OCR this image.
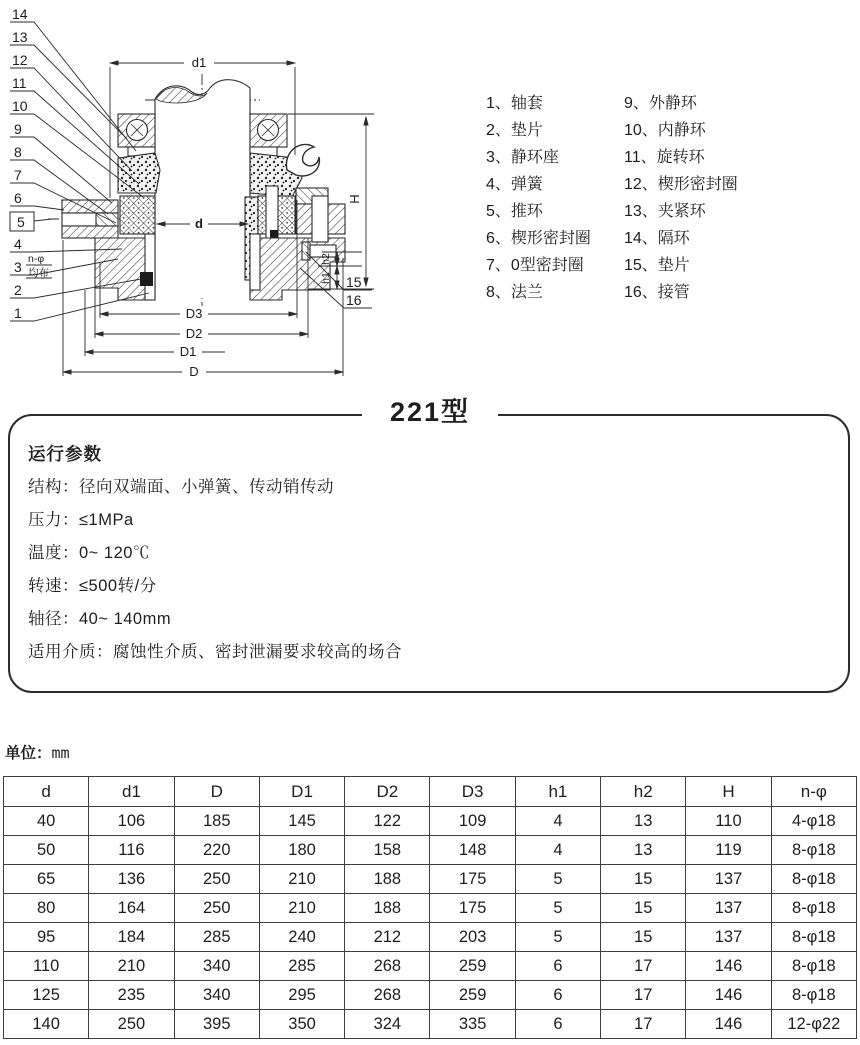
d1
d
D3
D2
D1
D
H
h2
h1
14
13
12
11
10
9
8
7
6
5
4
3
2
1
15
16
n-φ
均布
1、轴套
2、垫片
3、静环座
4、弹簧
5、推环
6、楔形密封圈
7、0型密封圈
8、法兰
9、外静环
10、内静环
11、旋转环
12、楔形密封圈
13、夹紧环
14、隔环
15、垫片
16、接管
221型
运行参数
结构：径向双端面、小弹簧、传动销传动
压力：≤1MPa
温度：0~ 120℃
转速：≤500转/分
轴径：40~ 140mm
适用介质：腐蚀性介质、密封泄漏要求较高的场合
单位：mm
d	d1	D	D1	D2	D3	h1	h2	H	n-φ
40	106	185	145	122	109	4	13	110	4-φ18
50	116	220	180	158	148	4	13	119	8-φ18
65	136	250	210	188	175	5	15	137	8-φ18
80	164	250	210	188	175	5	15	137	8-φ18
95	184	285	240	212	203	5	15	137	8-φ18
110	210	340	285	268	259	6	17	146	8-φ18
125	235	340	295	268	259	6	17	146	8-φ18
140	250	395	350	324	335	6	17	146	12-φ22
